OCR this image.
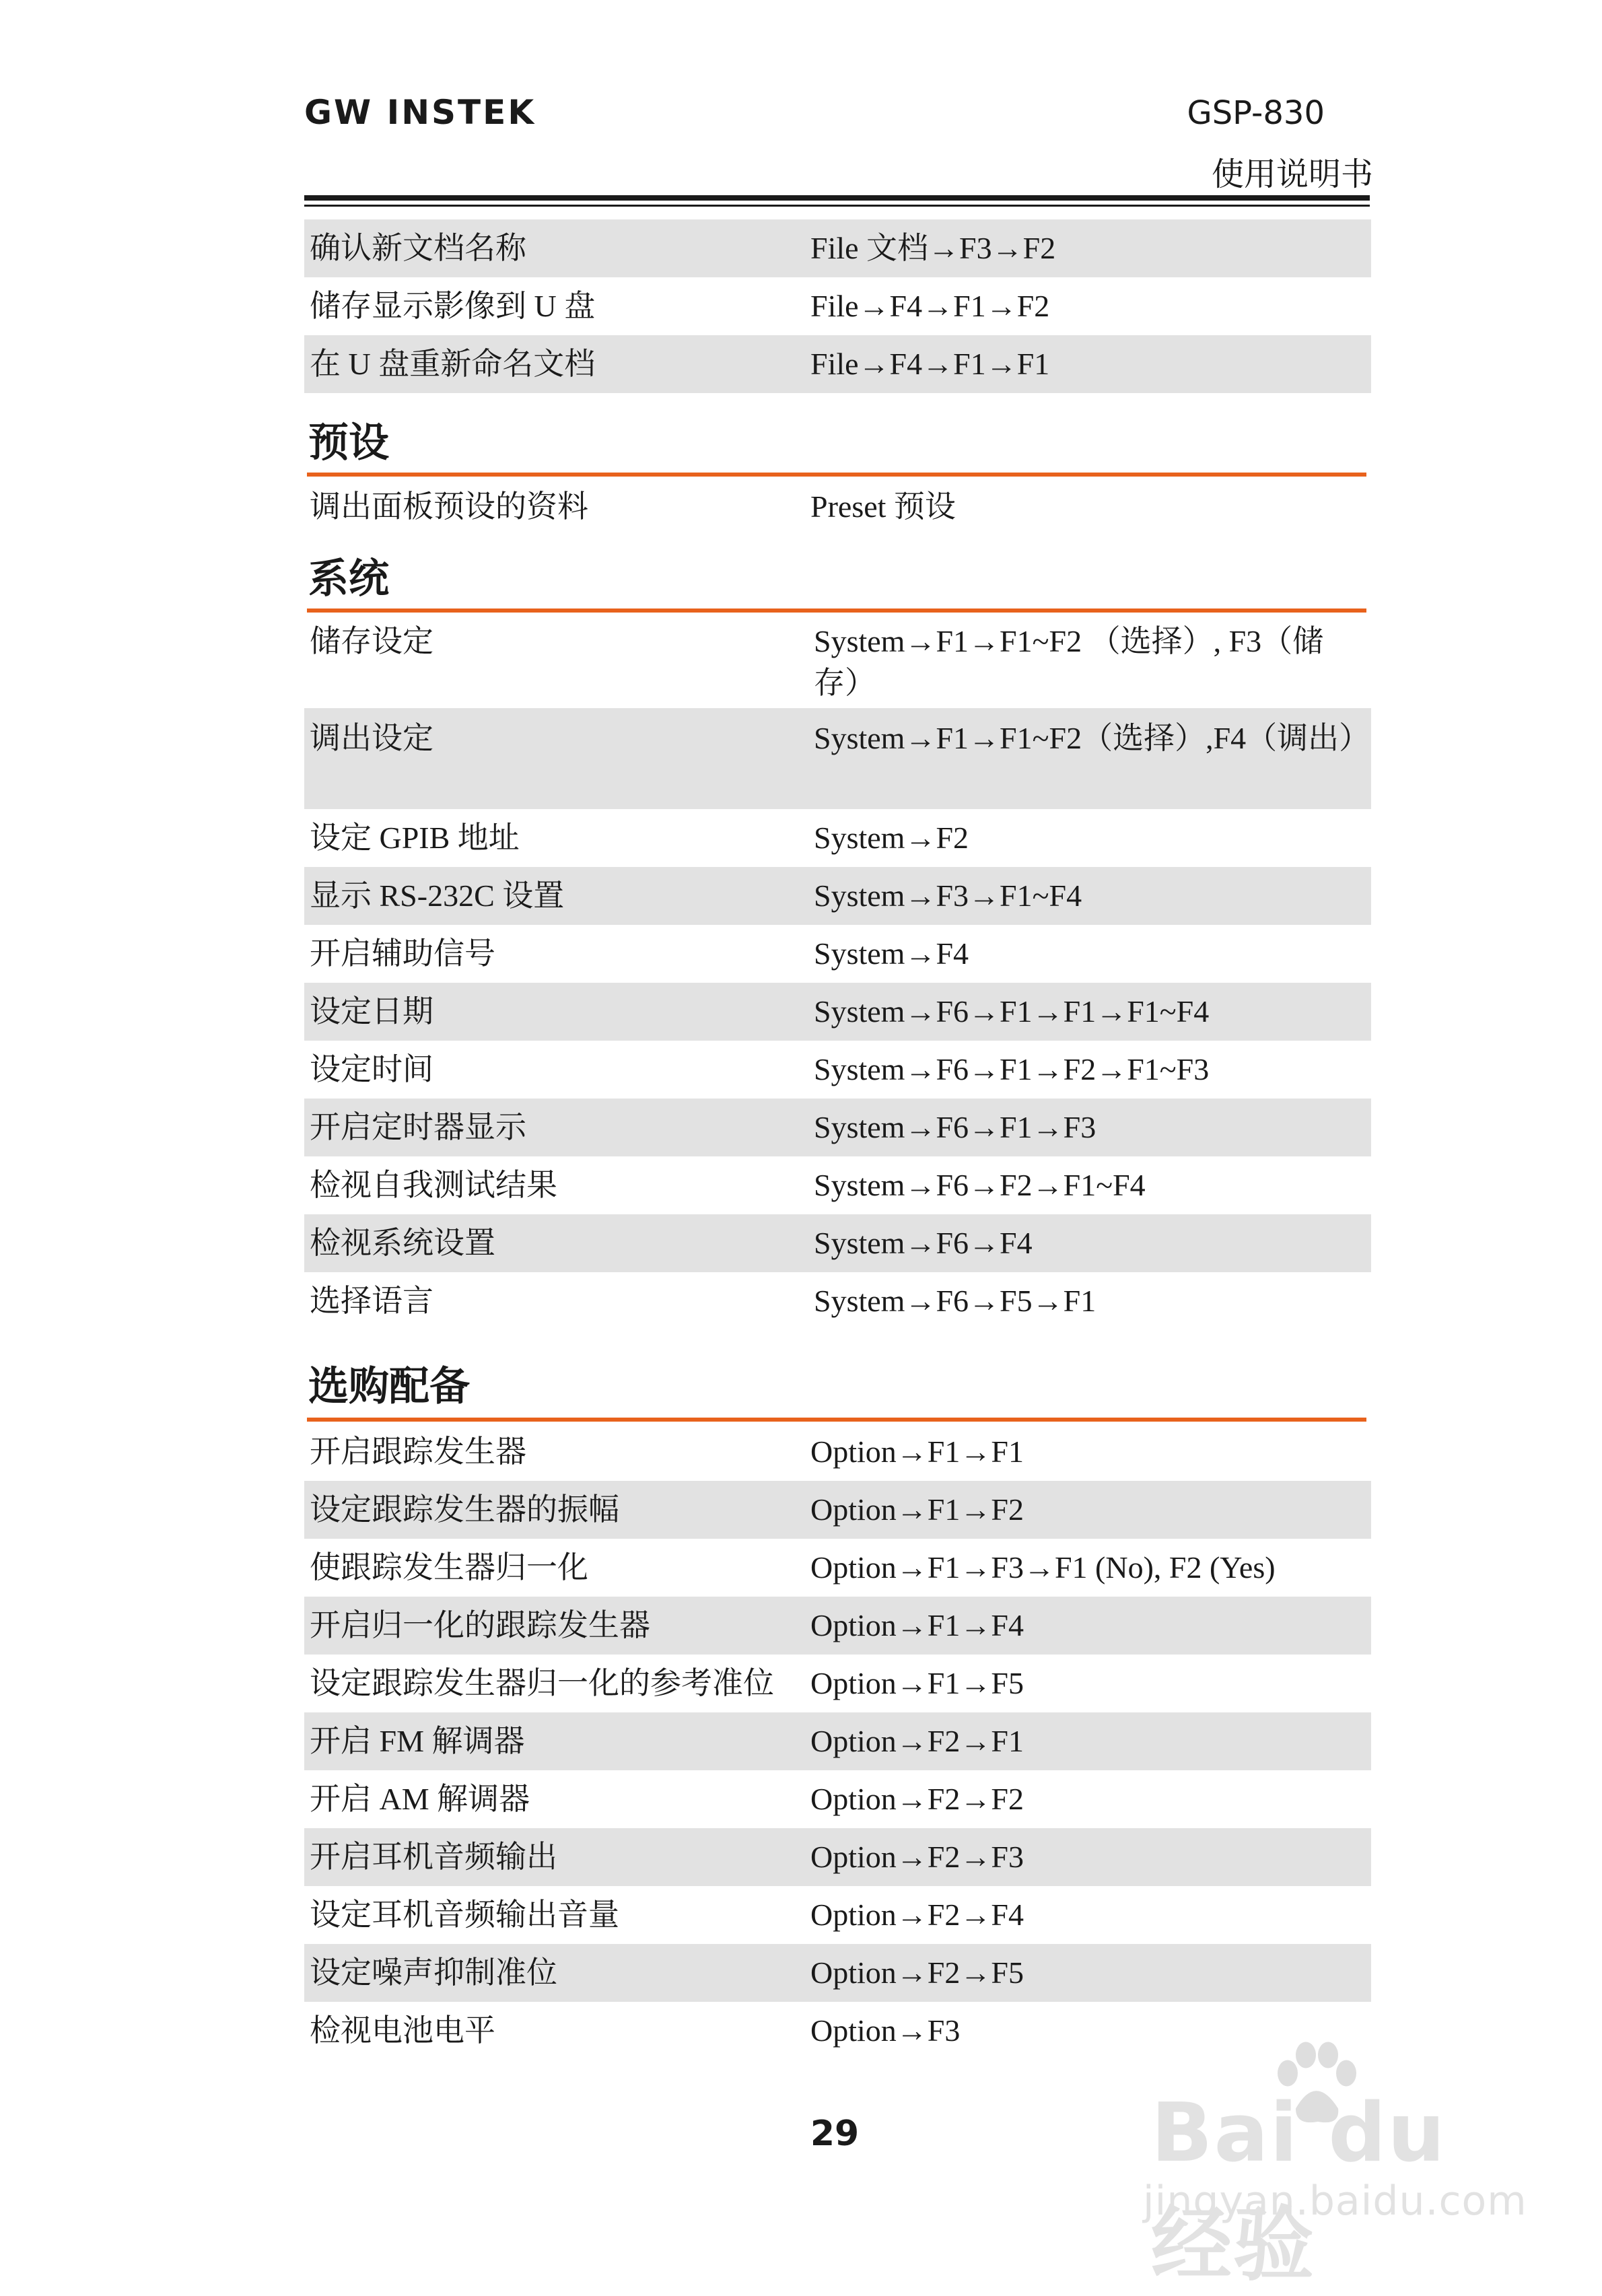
GW INSTEK	GSP-830
使用说明书
确认新文档名称	File 文档→F3→F2
储存显示影像到 U 盘	File→F4→F1→F2
在 U 盘重新命名文档	File→F4→F1→F1
预设
调出面板预设的资料	Preset 预设
系统
储存设定	System→F1→F1~F2 （选择）, F3（储存）
调出设定	System→F1→F1~F2（选择）,F4（调出）
设定 GPIB 地址	System→F2
显示 RS-232C 设置	System→F3→F1~F4
开启辅助信号	System→F4
设定日期	System→F6→F1→F1→F1~F4
设定时间	System→F6→F1→F2→F1~F3
开启定时器显示	System→F6→F1→F3
检视自我测试结果	System→F6→F2→F1~F4
检视系统设置	System→F6→F4
选择语言	System→F6→F5→F1
选购配备
开启跟踪发生器	Option→F1→F1
设定跟踪发生器的振幅	Option→F1→F2
使跟踪发生器归一化	Option→F1→F3→F1 (No), F2 (Yes)
开启归一化的跟踪发生器	Option→F1→F4
设定跟踪发生器归一化的参考准位 Option→F1→F5
开启 FM 解调器	Option→F2→F1
开启 AM 解调器	Option→F2→F2
开启耳机音频输出	Option→F2→F3
设定耳机音频输出音量	Option→F2→F4
设定噪声抑制准位	Option→F2→F5
检视电池电平	Option→F3
29	Bai du 经验
jingyan.baidu.com
